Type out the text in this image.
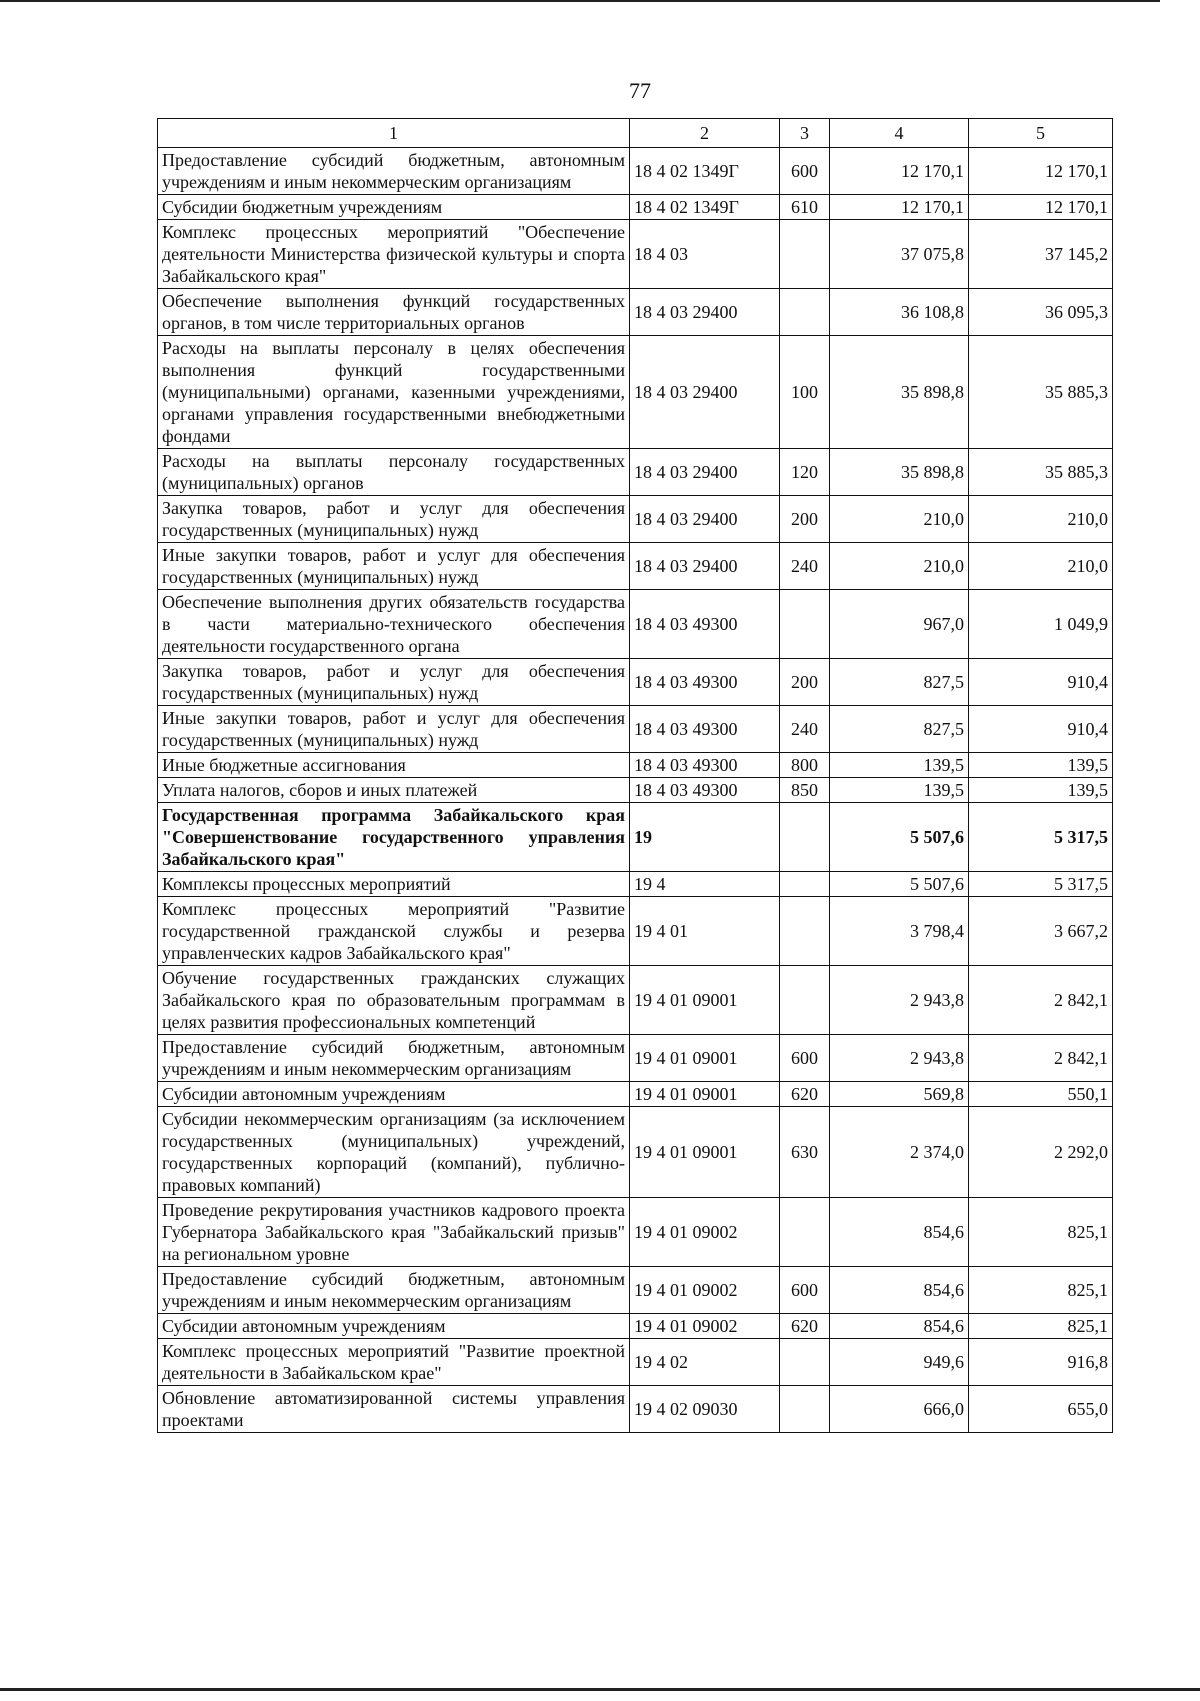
77
1	2	3	4	5
Предоставление субсидий бюджетным, автономным учреждениям и иным некоммерческим организациям	18 4 02 1349Г	600	12 170,1	12 170,1
Субсидии бюджетным учреждениям	18 4 02 1349Г	610	12 170,1	12 170,1
Комплекс процессных мероприятий "Обеспечение деятельности Министерства физической культуры и спорта Забайкальского края"	18 4 03		37 075,8	37 145,2
Обеспечение выполнения функций государственных органов, в том числе территориальных органов	18 4 03 29400		36 108,8	36 095,3
Расходы на выплаты персоналу в целях обеспечения выполнения функций государственными (муниципальными) органами, казенными учреждениями, органами управления государственными внебюджетными фондами	18 4 03 29400	100	35 898,8	35 885,3
Расходы на выплаты персоналу государственных (муниципальных) органов	18 4 03 29400	120	35 898,8	35 885,3
Закупка товаров, работ и услуг для обеспечения государственных (муниципальных) нужд	18 4 03 29400	200	210,0	210,0
Иные закупки товаров, работ и услуг для обеспечения государственных (муниципальных) нужд	18 4 03 29400	240	210,0	210,0
Обеспечение выполнения других обязательств государства в части материально-технического обеспечения деятельности государственного органа	18 4 03 49300		967,0	1 049,9
Закупка товаров, работ и услуг для обеспечения государственных (муниципальных) нужд	18 4 03 49300	200	827,5	910,4
Иные закупки товаров, работ и услуг для обеспечения государственных (муниципальных) нужд	18 4 03 49300	240	827,5	910,4
Иные бюджетные ассигнования	18 4 03 49300	800	139,5	139,5
Уплата налогов, сборов и иных платежей	18 4 03 49300	850	139,5	139,5
Государственная программа Забайкальского края "Совершенствование государственного управления Забайкальского края"	19		5 507,6	5 317,5
Комплексы процессных мероприятий	19 4		5 507,6	5 317,5
Комплекс процессных мероприятий "Развитие государственной гражданской службы и резерва управленческих кадров Забайкальского края"	19 4 01		3 798,4	3 667,2
Обучение государственных гражданских служащих Забайкальского края по образовательным программам в целях развития профессиональных компетенций	19 4 01 09001		2 943,8	2 842,1
Предоставление субсидий бюджетным, автономным учреждениям и иным некоммерческим организациям	19 4 01 09001	600	2 943,8	2 842,1
Субсидии автономным учреждениям	19 4 01 09001	620	569,8	550,1
Субсидии некоммерческим организациям (за исключением государственных (муниципальных) учреждений, государственных корпораций (компаний), публично-правовых компаний)	19 4 01 09001	630	2 374,0	2 292,0
Проведение рекрутирования участников кадрового проекта Губернатора Забайкальского края "Забайкальский призыв" на региональном уровне	19 4 01 09002		854,6	825,1
Предоставление субсидий бюджетным, автономным учреждениям и иным некоммерческим организациям	19 4 01 09002	600	854,6	825,1
Субсидии автономным учреждениям	19 4 01 09002	620	854,6	825,1
Комплекс процессных мероприятий "Развитие проектной деятельности в Забайкальском крае"	19 4 02		949,6	916,8
Обновление автоматизированной системы управления проектами	19 4 02 09030		666,0	655,0
